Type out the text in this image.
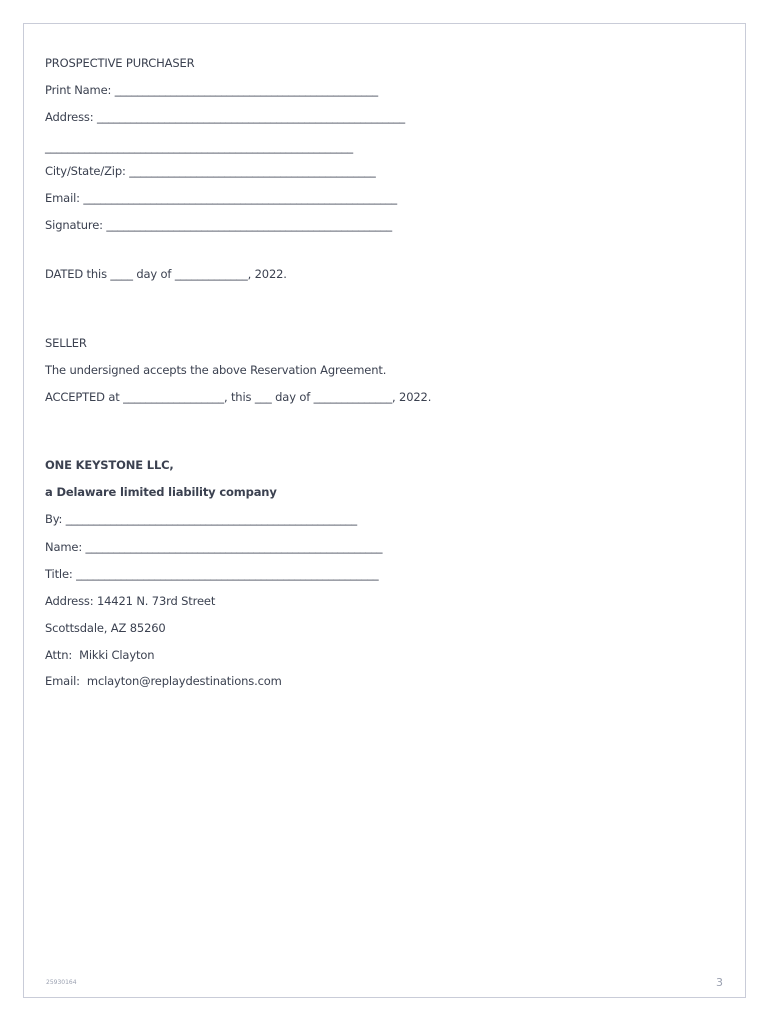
PROSPECTIVE PURCHASER
Print Name: _______________________________________________
Address: _______________________________________________________
_______________________________________________________
City/State/Zip: ____________________________________________
Email: ________________________________________________________
Signature: ___________________________________________________
DATED this ____ day of _____________, 2022.
SELLER
The undersigned accepts the above Reservation Agreement.
ACCEPTED at __________________, this ___ day of ______________, 2022.
ONE KEYSTONE LLC,
a Delaware limited liability company
By: ____________________________________________________
Name: _____________________________________________________
Title: ______________________________________________________
Address: 14421 N. 73rd Street
Scottsdale, AZ 85260
Attn:  Mikki Clayton
Email:  mclayton@replaydestinations.com
25930164	3
